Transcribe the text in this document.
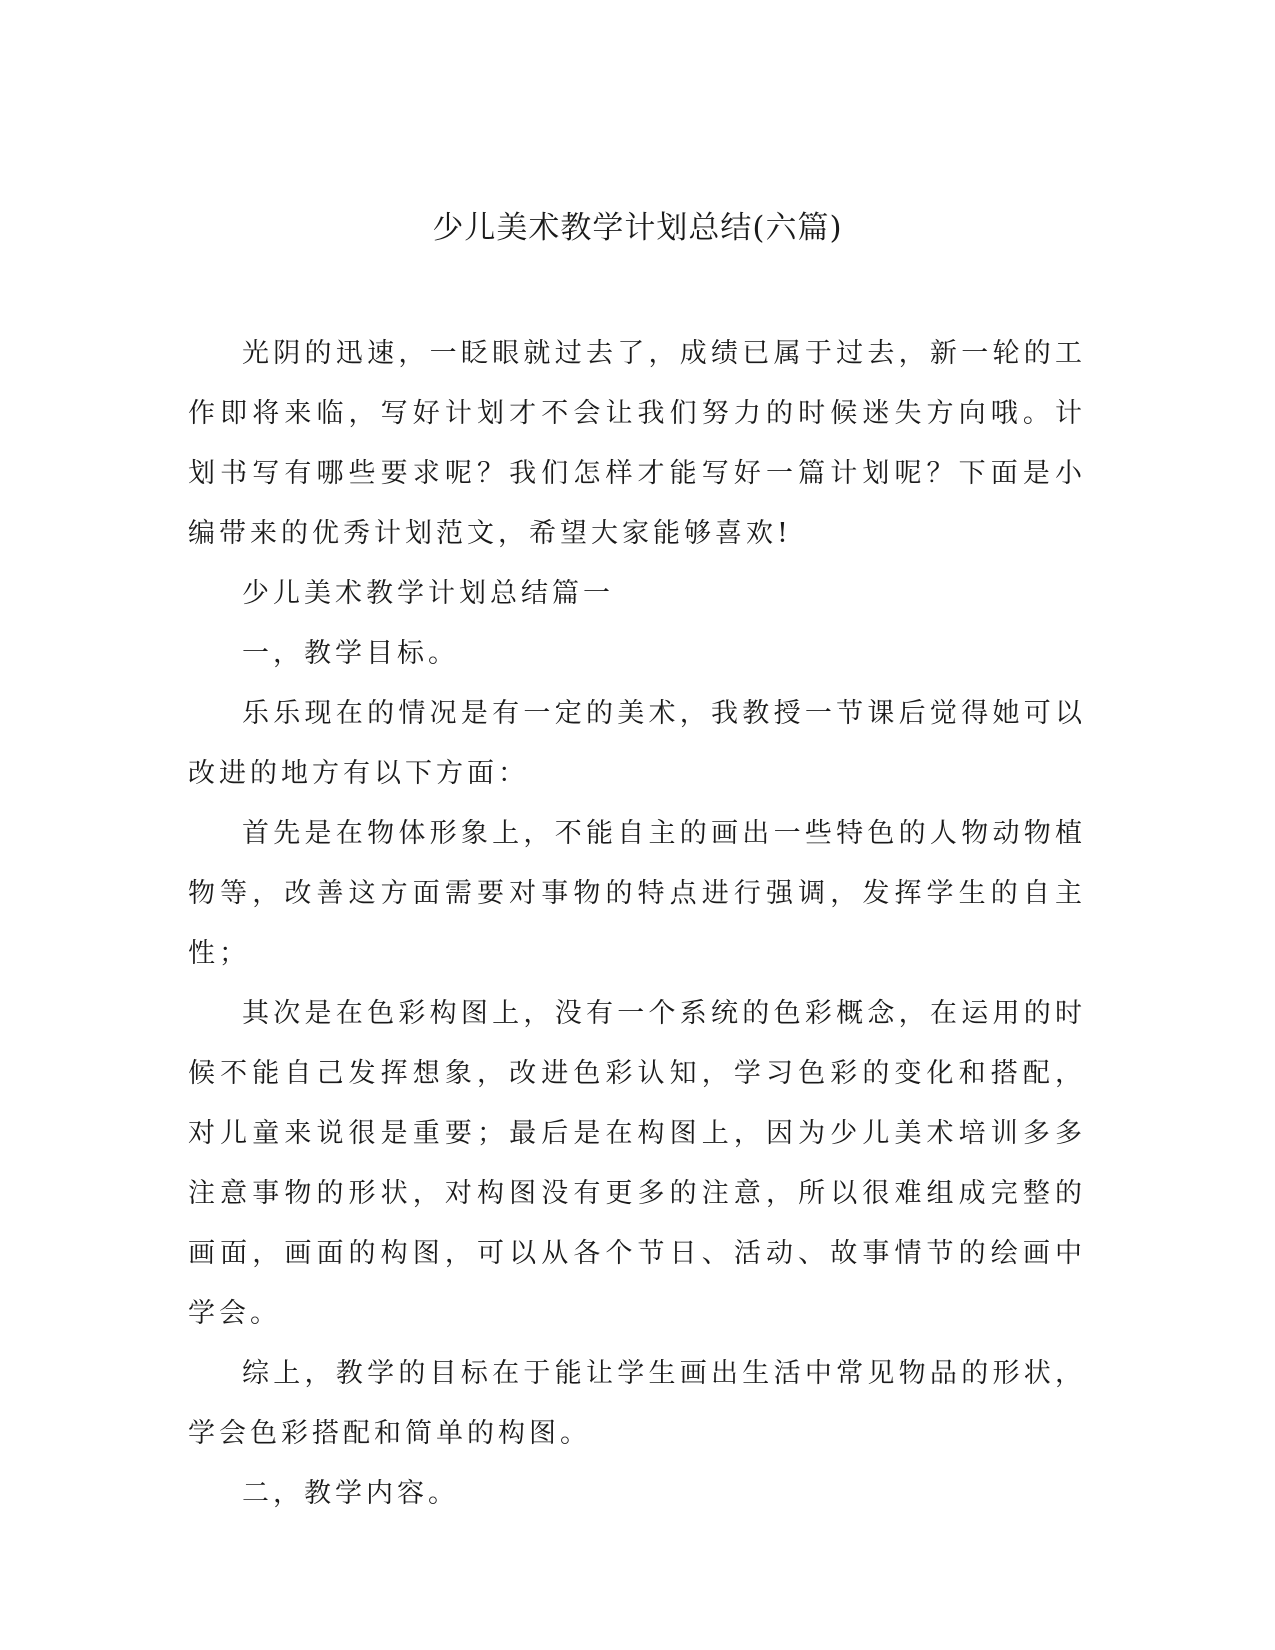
少儿美术教学计划总结(六篇)

光阴的迅速，一眨眼就过去了，成绩已属于过去，新一轮的工作即将来临，写好计划才不会让我们努力的时候迷失方向哦。计划书写有哪些要求呢？我们怎样才能写好一篇计划呢？下面是小编带来的优秀计划范文，希望大家能够喜欢!

少儿美术教学计划总结篇一

一，教学目标。

乐乐现在的情况是有一定的美术，我教授一节课后觉得她可以改进的地方有以下方面：

首先是在物体形象上，不能自主的画出一些特色的人物动物植物等，改善这方面需要对事物的特点进行强调，发挥学生的自主性；

其次是在色彩构图上，没有一个系统的色彩概念，在运用的时候不能自己发挥想象，改进色彩认知，学习色彩的变化和搭配，对儿童来说很是重要；最后是在构图上，因为少儿美术培训多多注意事物的形状，对构图没有更多的注意，所以很难组成完整的画面，画面的构图，可以从各个节日、活动、故事情节的绘画中学会。

综上，教学的目标在于能让学生画出生活中常见物品的形状，学会色彩搭配和简单的构图。

二，教学内容。
